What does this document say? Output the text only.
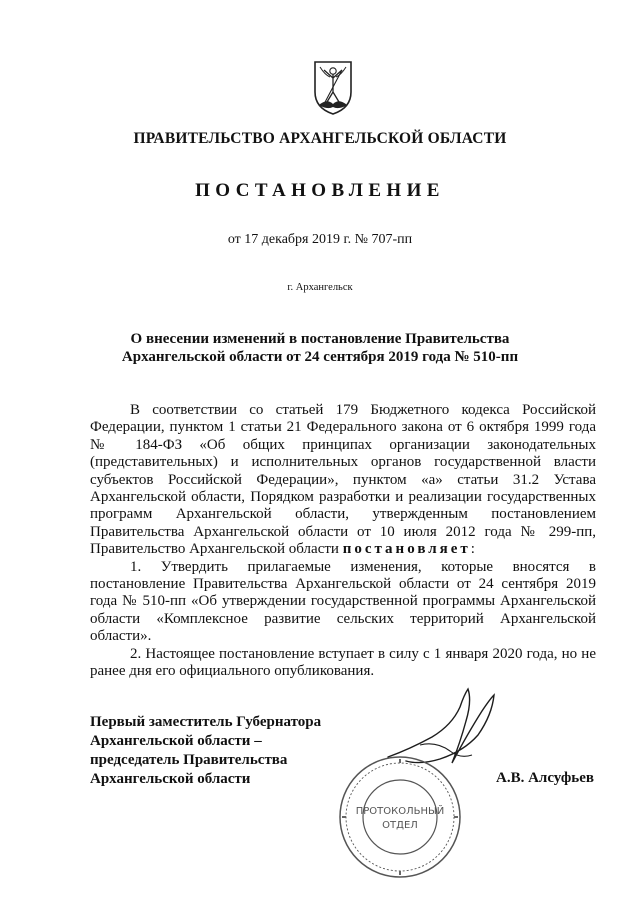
ПРАВИТЕЛЬСТВО АРХАНГЕЛЬСКОЙ ОБЛАСТИ
ПОСТАНОВЛЕНИЕ
от 17 декабря 2019 г. № 707-пп
г. Архангельск
О внесении изменений в постановление Правительства
Архангельской области от 24 сентября 2019 года № 510-пп

В соответствии со статьей 179 Бюджетного кодекса Российской Федерации, пунктом 1 статьи 21 Федерального закона от 6 октября 1999 года № 184-ФЗ «Об общих принципах организации законодательных (представительных) и исполнительных органов государственной власти субъектов Российской Федерации», пунктом «а» статьи 31.2 Устава Архангельской области, Порядком разработки и реализации государственных программ Архангельской области, утвержденным постановлением Правительства Архангельской области от 10 июля 2012 года № 299-пп, Правительство Архангельской области постановляет:

1. Утвердить прилагаемые изменения, которые вносятся в постановление Правительства Архангельской области от 24 сентября 2019 года № 510-пп «Об утверждении государственной программы Архангельской области «Комплексное развитие сельских территорий Архангельской области».

2. Настоящее постановление вступает в силу с 1 января 2020 года, но не ранее дня его официального опубликования.

Первый заместитель Губернатора
Архангельской области –
председатель Правительства
Архангельской области	А.В. Алсуфьев
ПРОТОКОЛЬНЫЙ
ОТДЕЛ
